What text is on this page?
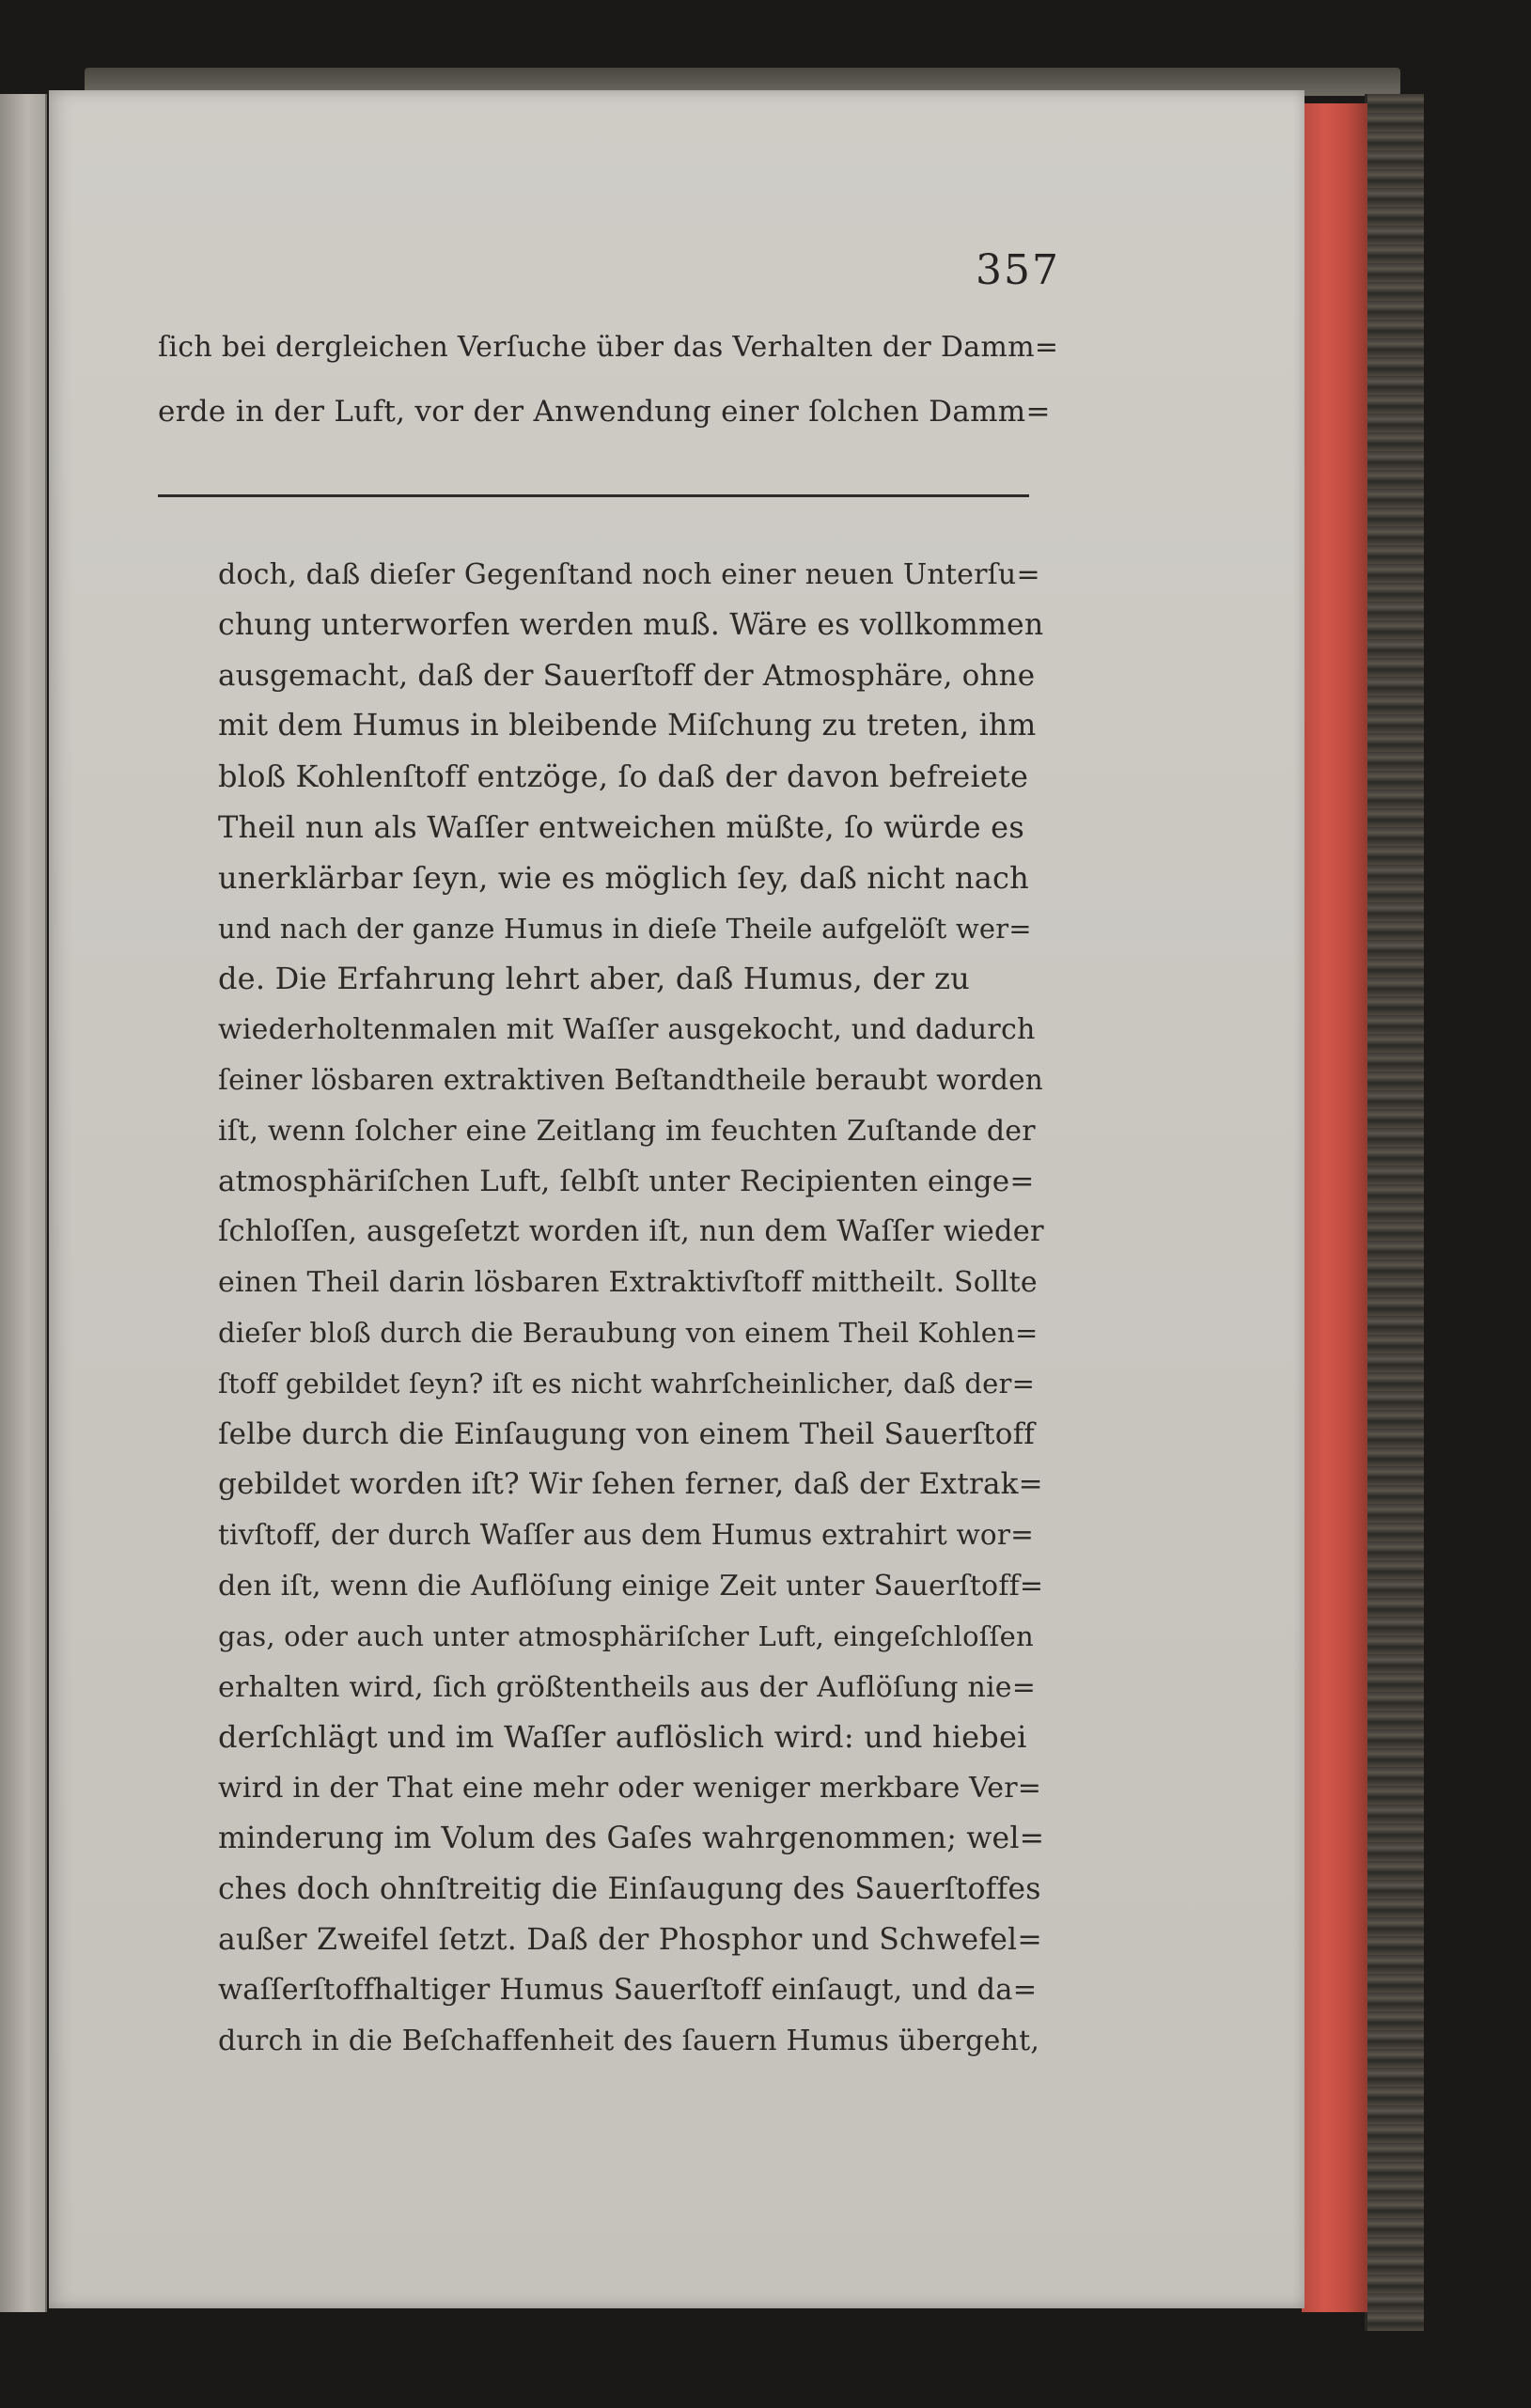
357
ſich bei dergleichen Verſuche über das Verhalten der Damm=
erde in der Luft, vor der Anwendung einer ſolchen Damm=
doch, daß dieſer Gegenſtand noch einer neuen Unterſu=
chung unterworfen werden muß. Wäre es vollkommen
ausgemacht, daß der Sauerſtoff der Atmosphäre, ohne
mit dem Humus in bleibende Miſchung zu treten, ihm
bloß Kohlenſtoff entzöge, ſo daß der davon befreiete
Theil nun als Waſſer entweichen müßte, ſo würde es
unerklärbar ſeyn, wie es möglich ſey, daß nicht nach
und nach der ganze Humus in dieſe Theile aufgelöſt wer=
de. Die Erfahrung lehrt aber, daß Humus, der zu
wiederholtenmalen mit Waſſer ausgekocht, und dadurch
ſeiner lösbaren extraktiven Beſtandtheile beraubt worden
iſt, wenn ſolcher eine Zeitlang im feuchten Zuſtande der
atmosphäriſchen Luft, ſelbſt unter Recipienten einge=
ſchloſſen, ausgeſetzt worden iſt, nun dem Waſſer wieder
einen Theil darin lösbaren Extraktivſtoff mittheilt. Sollte
dieſer bloß durch die Beraubung von einem Theil Kohlen=
ſtoff gebildet ſeyn? iſt es nicht wahrſcheinlicher, daß der=
ſelbe durch die Einſaugung von einem Theil Sauerſtoff
gebildet worden iſt? Wir ſehen ferner, daß der Extrak=
tivſtoff, der durch Waſſer aus dem Humus extrahirt wor=
den iſt, wenn die Auflöſung einige Zeit unter Sauerſtoff=
gas, oder auch unter atmosphäriſcher Luft, eingeſchloſſen
erhalten wird, ſich größtentheils aus der Auflöſung nie=
derſchlägt und im Waſſer auflöslich wird: und hiebei
wird in der That eine mehr oder weniger merkbare Ver=
minderung im Volum des Gaſes wahrgenommen; wel=
ches doch ohnſtreitig die Einſaugung des Sauerſtoffes
außer Zweifel ſetzt. Daß der Phosphor und Schwefel=
waſſerſtoffhaltiger Humus Sauerſtoff einſaugt, und da=
durch in die Beſchaffenheit des ſauern Humus übergeht,
